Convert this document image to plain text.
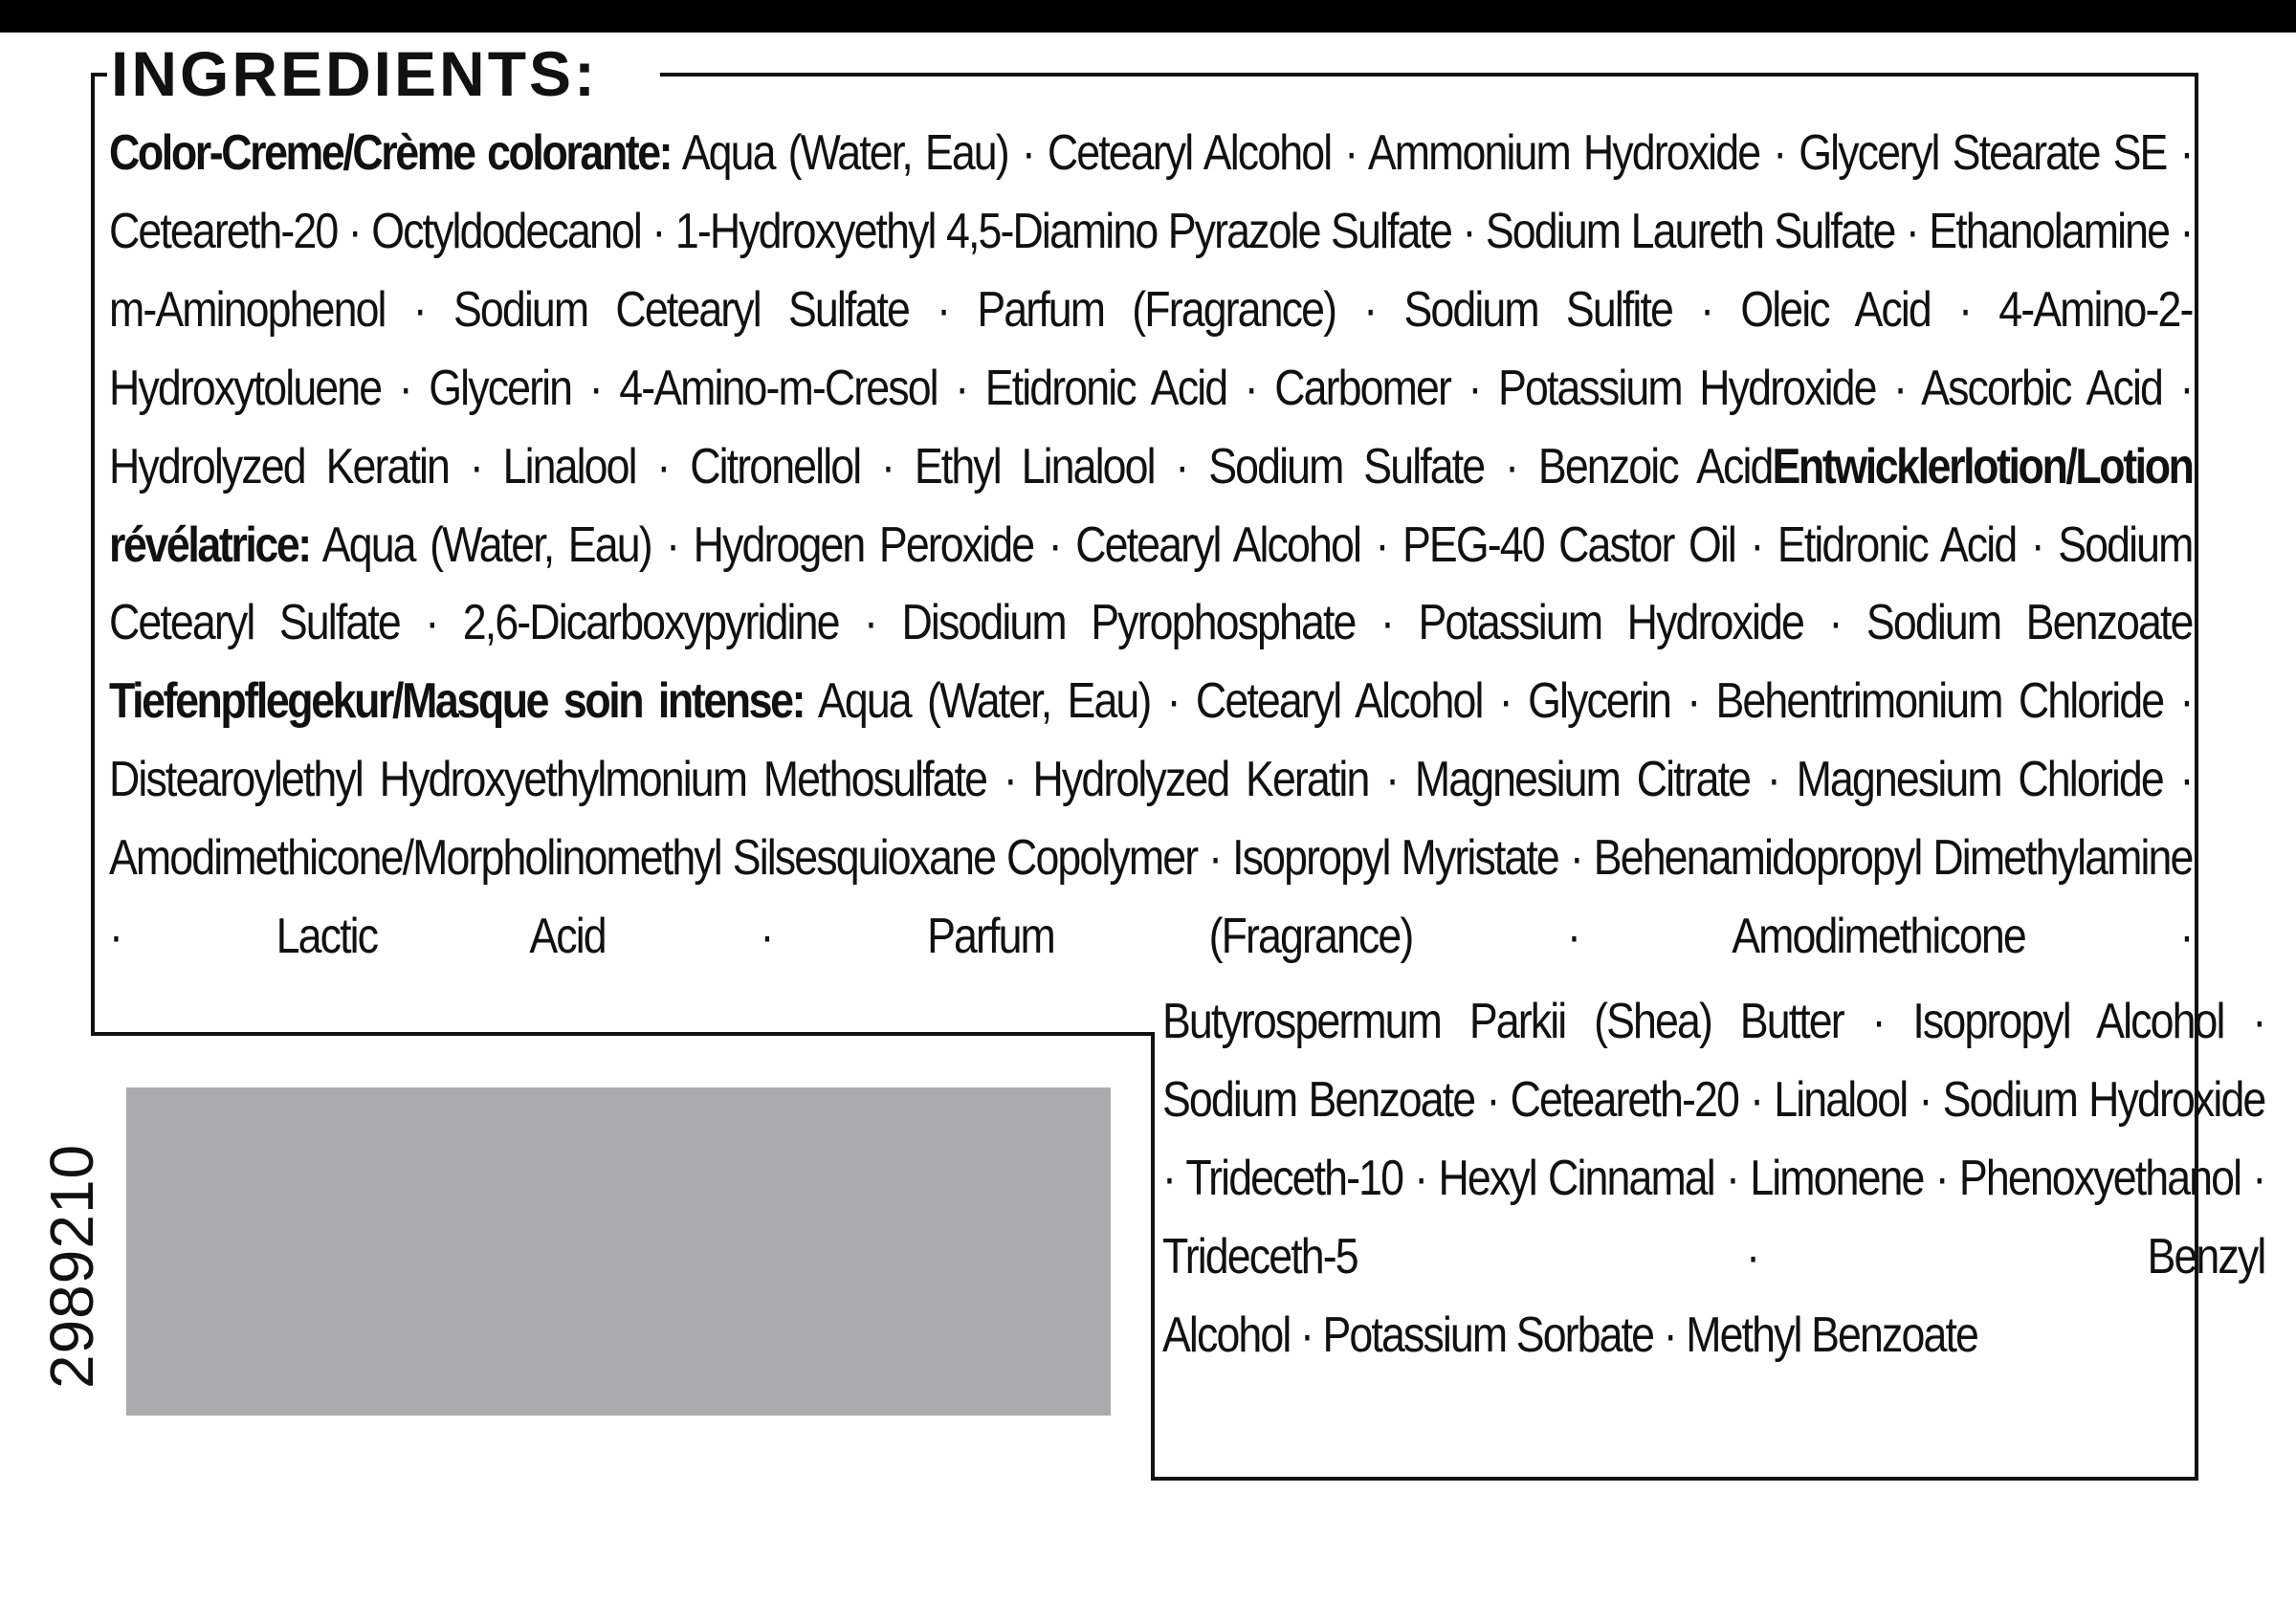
INGREDIENTS:
Color-Creme/Crème colorante: Aqua (Water, Eau) · Cetearyl Alcohol · Ammonium Hydroxide · Glyceryl Stearate SE · Ceteareth-20 · Octyldodecanol · 1-Hydroxyethyl 4,5-Diamino Pyrazole Sulfate · Sodium Laureth Sulfate · Ethanolamine · m-Aminophenol · Sodium Cetearyl Sulfate · Parfum (Fragrance) · Sodium Sulfite · Oleic Acid · 4-Amino-2-Hydroxytoluene · Glycerin · 4-Amino-m-Cresol · Etidronic Acid · Carbomer · Potassium Hydroxide · Ascorbic Acid · Hydrolyzed Keratin · Linalool · Citronellol · Ethyl Linalool · Sodium Sulfate · Benzoic AcidEntwicklerlotion/Lotion révélatrice: Aqua (Water, Eau) · Hydrogen Peroxide · Cetearyl Alcohol · PEG-40 Castor Oil · Etidronic Acid · Sodium Cetearyl Sulfate · 2,6-Dicarboxypyridine · Disodium Pyrophosphate · Potassium Hydroxide · Sodium Benzoate Tiefenpflegekur/Masque soin intense: Aqua (Water, Eau) · Cetearyl Alcohol · Glycerin · Behentrimonium Chloride · Distearoylethyl Hydroxyethylmonium Methosulfate · Hydrolyzed Keratin · Magnesium Citrate · Magnesium Chloride · Amodimethicone/Morpholinomethyl Silsesquioxane Copolymer · Isopropyl Myristate · Behenamidopropyl Dimethylamine · Lactic Acid · Parfum (Fragrance) · Amodimethicone ·
Butyrospermum Parkii (Shea) Butter · Isopropyl Alcohol · Sodium Benzoate · Ceteareth-20 · Linalool · Sodium Hydroxide · Trideceth-10 · Hexyl Cinnamal · Limonene · Phenoxyethanol · Trideceth-5 · Benzyl
Alcohol · Potassium Sorbate · Methyl Benzoate
2989210
